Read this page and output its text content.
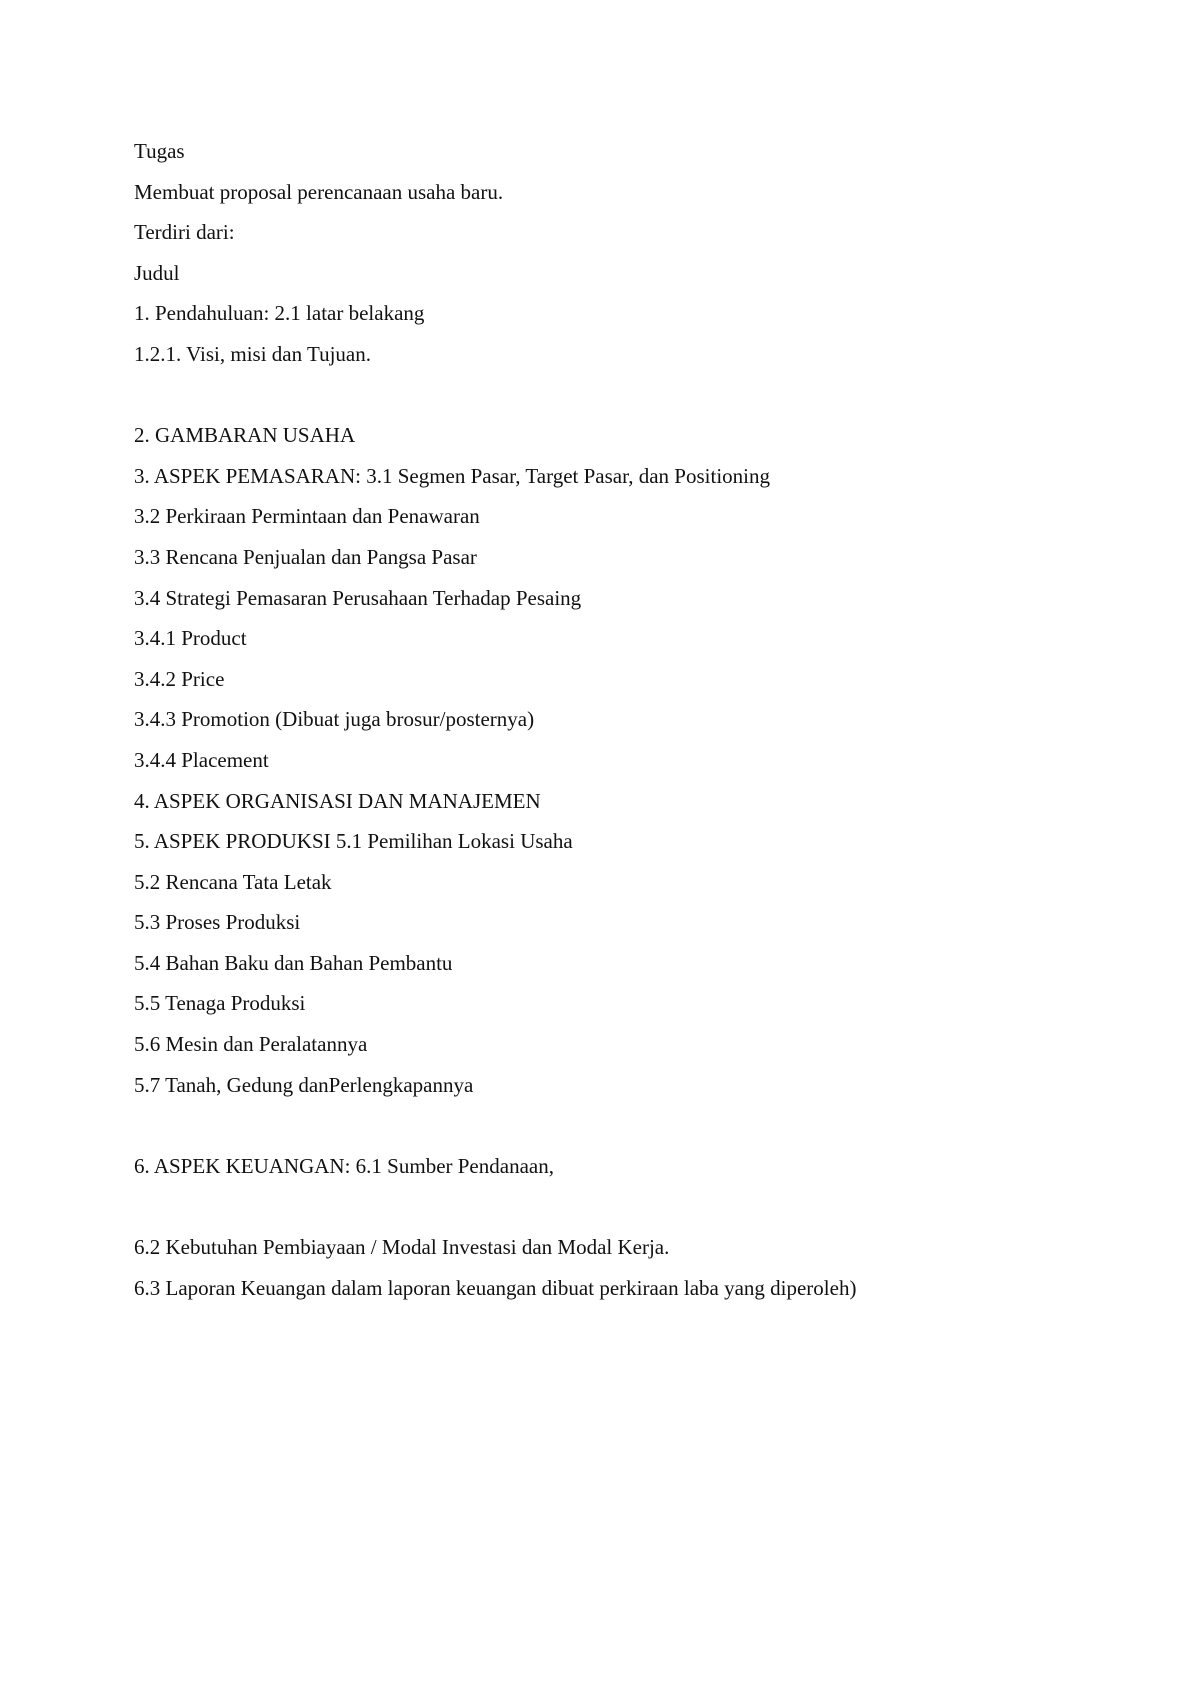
Tugas
Membuat proposal perencanaan usaha baru.
Terdiri dari:
Judul
1. Pendahuluan: 2.1 latar belakang
1.2.1. Visi, misi dan Tujuan.
2. GAMBARAN USAHA
3. ASPEK PEMASARAN: 3.1 Segmen Pasar, Target Pasar, dan Positioning
3.2 Perkiraan Permintaan dan Penawaran
3.3 Rencana Penjualan dan Pangsa Pasar
3.4 Strategi Pemasaran Perusahaan Terhadap Pesaing
3.4.1 Product
3.4.2 Price
3.4.3 Promotion (Dibuat juga brosur/posternya)
3.4.4 Placement
4. ASPEK ORGANISASI DAN MANAJEMEN
5. ASPEK PRODUKSI 5.1 Pemilihan Lokasi Usaha
5.2 Rencana Tata Letak
5.3 Proses Produksi
5.4 Bahan Baku dan Bahan Pembantu
5.5 Tenaga Produksi
5.6 Mesin dan Peralatannya
5.7 Tanah, Gedung danPerlengkapannya
6. ASPEK KEUANGAN: 6.1 Sumber Pendanaan,
6.2 Kebutuhan Pembiayaan / Modal Investasi dan Modal Kerja.
6.3 Laporan Keuangan dalam laporan keuangan dibuat perkiraan laba yang diperoleh)
